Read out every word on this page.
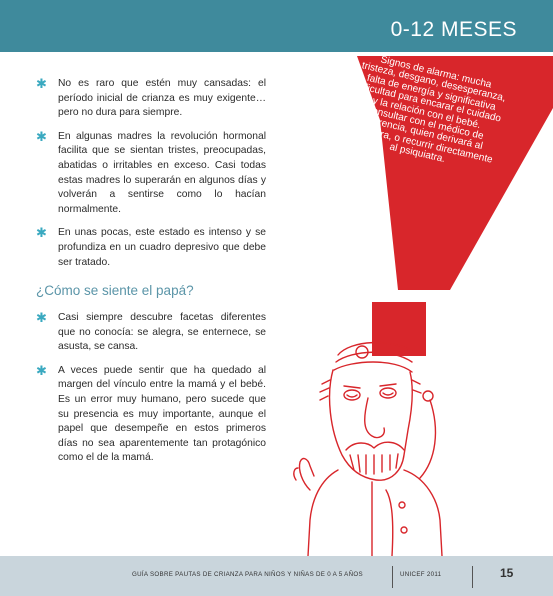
0-12 MESES
✱ No es raro que estén muy cansadas: el período inicial de crianza es muy exigente… pero no dura para siempre.
✱ En algunas madres la revolución hormonal facilita que se sientan tristes, preocupadas, abatidas o irritables en exceso. Casi todas estas madres lo superarán en algunos días y volverán a sentirse como lo hacían normalmente.
✱ En unas pocas, este estado es intenso y se profundiza en un cuadro depresivo que debe ser tratado.
¿Cómo se siente el papá?
✱ Casi siempre descubre facetas diferentes que no conocía: se alegra, se enternece, se asusta, se cansa.
✱ A veces puede sentir que ha quedado al margen del vínculo entre la mamá y el bebé. Es un error muy humano, pero sucede que su presencia es muy importante, aunque el papel que desempeñe en estos primeros días no sea aparentemente tan protagónico como el de la mamá.
Signos de alarma: mucha tristeza, desgano, desesperanza, falta de energía y significativa dificultad para encarar el cuidado y la relación con el bebé. Consultar con el médico de referencia, quien derivará al psiquiatra, o recurrir directamente al psiquiatra.
GUÍA SOBRE PAUTAS DE CRIANZA PARA NIÑOS Y NIÑAS DE 0 A 5 AÑOS	UNICEF 2011	15
